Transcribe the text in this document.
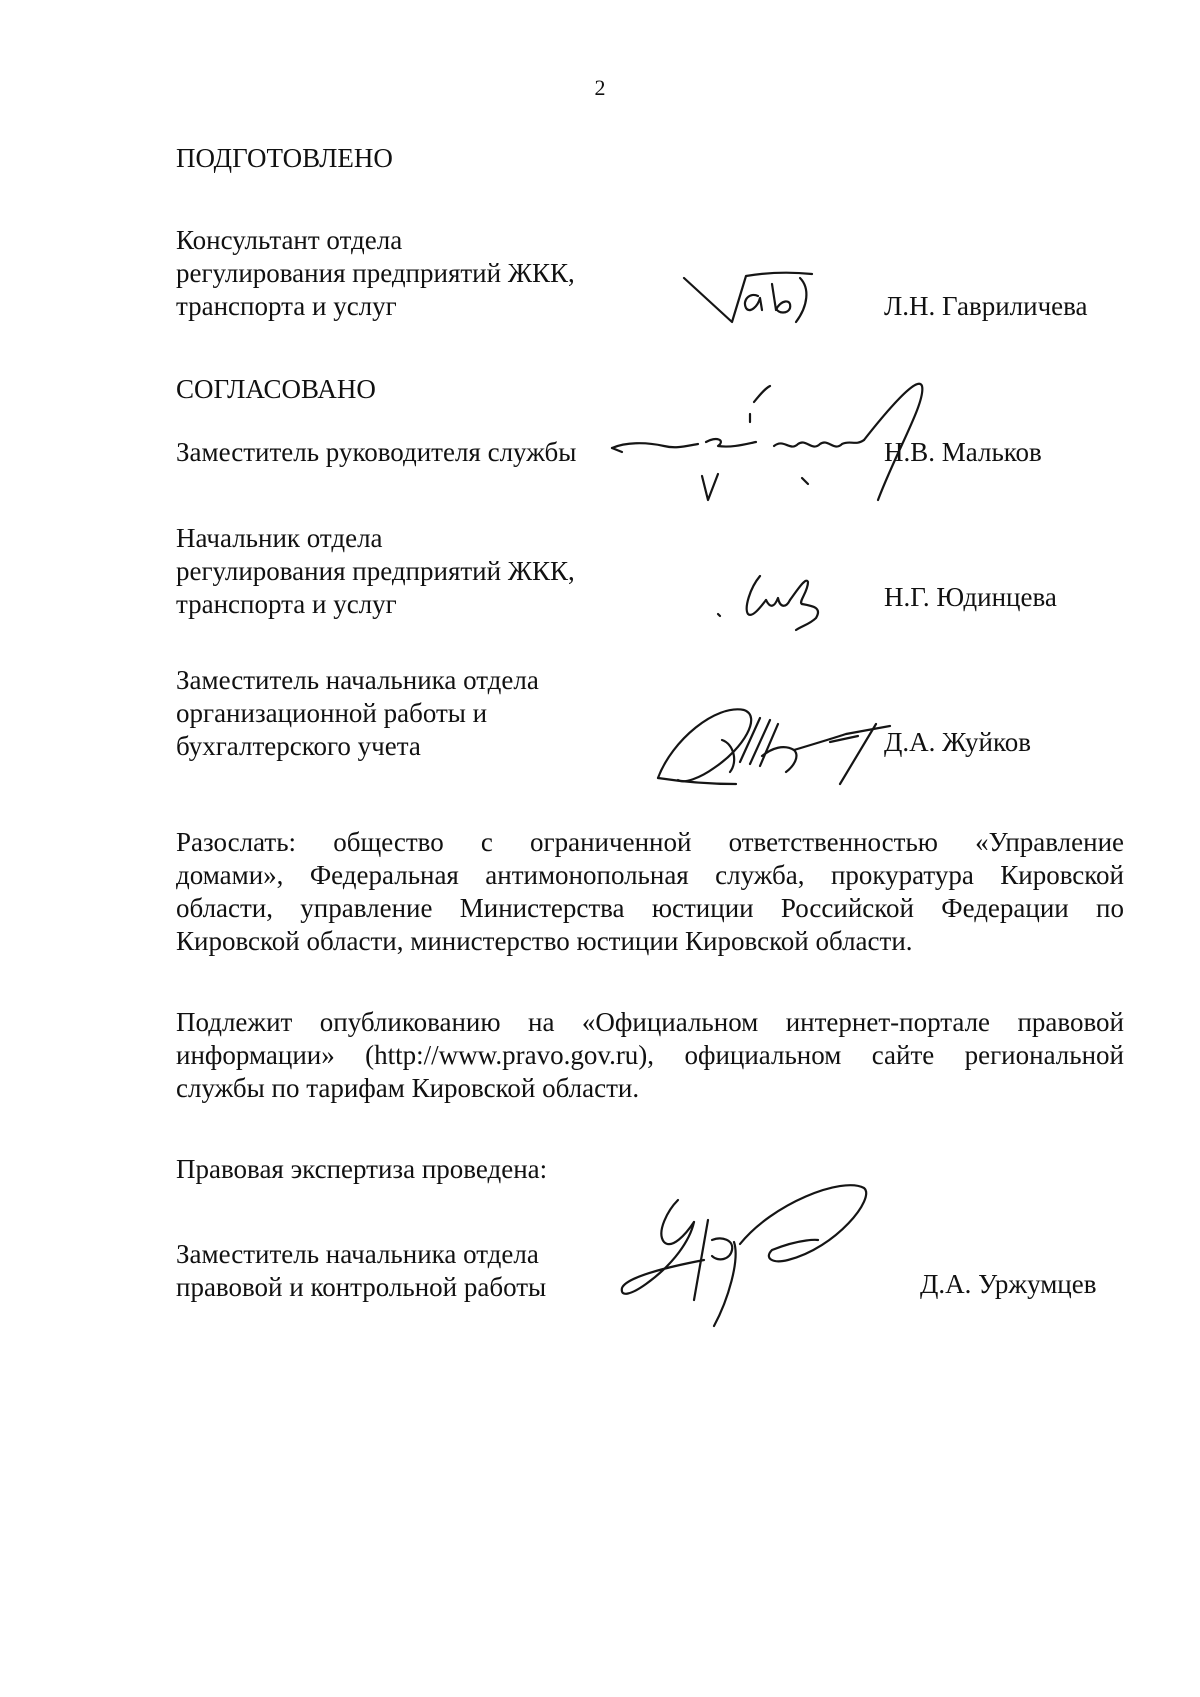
2
ПОДГОТОВЛЕНО
Консультант отдела
регулирования предприятий ЖКК,
транспорта и услуг	Л.Н. Гавриличева
СОГЛАСОВАНО
Заместитель руководителя службы	Н.В. Мальков
Начальник отдела
регулирования предприятий ЖКК,
транспорта и услуг	Н.Г. Юдинцева
Заместитель начальника отдела
организационной работы и
бухгалтерского учета	Д.А. Жуйков
Разослать: общество с ограниченной ответственностью «Управление
домами», Федеральная антимонопольная служба, прокуратура Кировской
области, управление Министерства юстиции Российской Федерации по
Кировской области, министерство юстиции Кировской области.
Подлежит опубликованию на «Официальном интернет-портале правовой
информации» (http://www.pravo.gov.ru), официальном сайте региональной
службы по тарифам Кировской области.
Правовая экспертиза проведена:
Заместитель начальника отдела
правовой и контрольной работы	Д.А. Уржумцев
